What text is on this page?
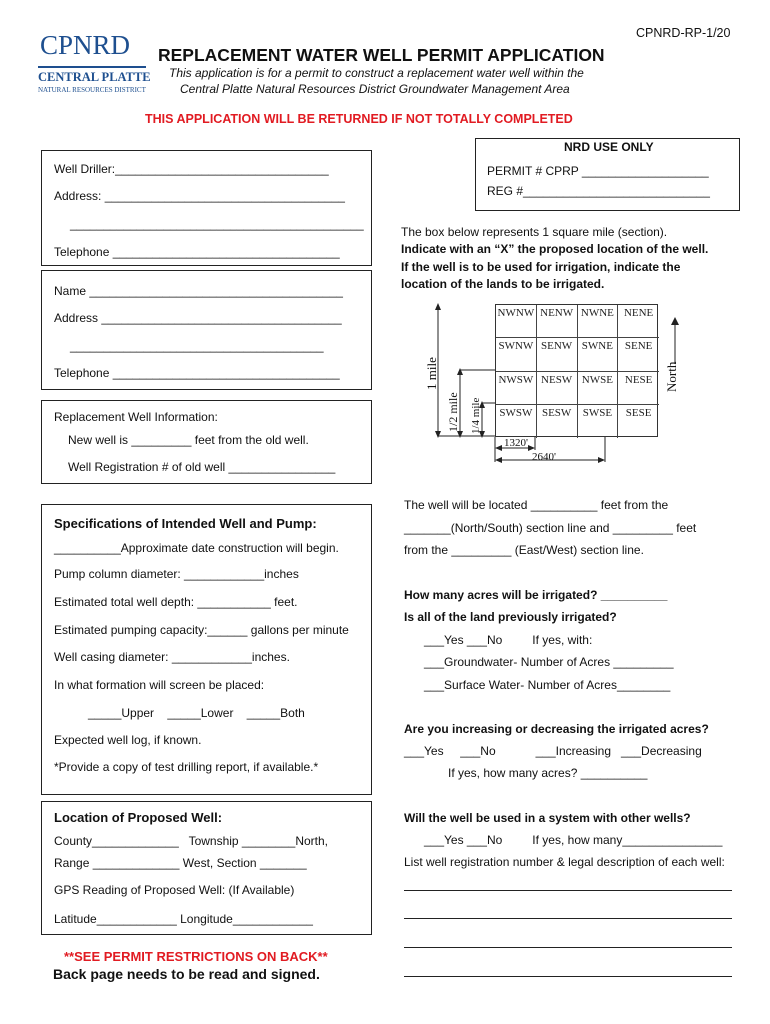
CPNRD-RP-1/20
CPNRD
CENTRAL PLATTE
NATURAL RESOURCES DISTRICT
REPLACEMENT WATER WELL PERMIT APPLICATION
This application is for a permit to construct a replacement water well within the
Central Platte Natural Resources District Groundwater Management Area
THIS APPLICATION WILL BE RETURNED IF NOT TOTALLY COMPLETED
Well Driller:________________________________
Address: ____________________________________
____________________________________________
Telephone __________________________________
Name ______________________________________
Address ____________________________________
______________________________________
Telephone __________________________________
NRD USE ONLY
PERMIT # CPRP ___________________
REG #____________________________
The box below represents 1 square mile (section).
Indicate with an “X” the proposed location of the well.
If the well is to be used for irrigation, indicate the
location of the lands to be irrigated.
NWNW NENW NWNE NENE
SWNW SENW SWNE	SENE
NWSW NESW NWSE	NESE
SWSW SESW	SWSE	SESE
1 mile
1/2 mile 1/4 mile
North
1320'
2640'
Replacement Well Information:
New well is _________ feet from the old well.
Well Registration # of old well ________________
The well will be located __________ feet from the
_______(North/South) section line and _________ feet
from the _________ (East/West) section line.
Specifications of Intended Well and Pump:
__________Approximate date construction will begin.
Pump column diameter: ____________inches
Estimated total well depth: ___________ feet.
Estimated pumping capacity:______ gallons per minute
Well casing diameter: ____________inches.
In what formation will screen be placed:
_____Upper    _____Lower    _____Both
Expected well log, if known.
*Provide a copy of test drilling report, if available.*
How many acres will be irrigated? __________
Is all of the land previously irrigated?
___Yes ___No         If yes, with:
___Groundwater- Number of Acres _________
___Surface Water- Number of Acres________
Are you increasing or decreasing the irrigated acres?
___Yes     ___No            ___Increasing   ___Decreasing
If yes, how many acres? __________
Location of Proposed Well:
County_____________   Township ________North,
Range _____________ West, Section _______
GPS Reading of Proposed Well: (If Available)
Latitude____________ Longitude____________
Will the well be used in a system with other wells?
___Yes ___No         If yes, how many_______________
List well registration number & legal description of each well:
**SEE PERMIT RESTRICTIONS ON BACK**
Back page needs to be read and signed.
